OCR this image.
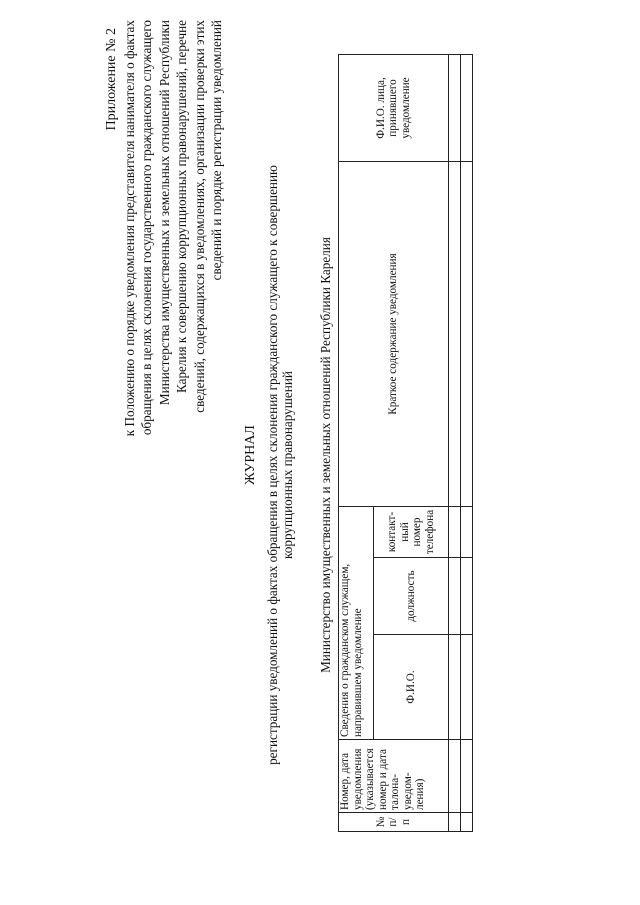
Приложение № 2 к Положению о порядке уведомления представителя нанимателя о фактах обращения в целях склонения государственного гражданского служащего Министерства имущественных и земельных отношений Республики Карелия к совершению коррупционных правонарушений, перечне сведений, содержащихся в уведомлениях, организации проверки этих сведений и порядке регистрации уведомлений
ЖУРНАЛ регистрации уведомлений о фактах обращения в целях склонения гражданского служащего к совершению коррупционных правонарушений Министерство имущественных и земельных отношений Республики Карелия
№ п/п	Номер, дата уведомления (указывается номер и дата талона-уведом-ления)	Сведения о гражданском служащем, направившем уведомление			Краткое содержание уведомления	Ф.И.О. лица, принявшего уведомление
		Ф.И.О.	должность	контакт-ный номер телефона		
